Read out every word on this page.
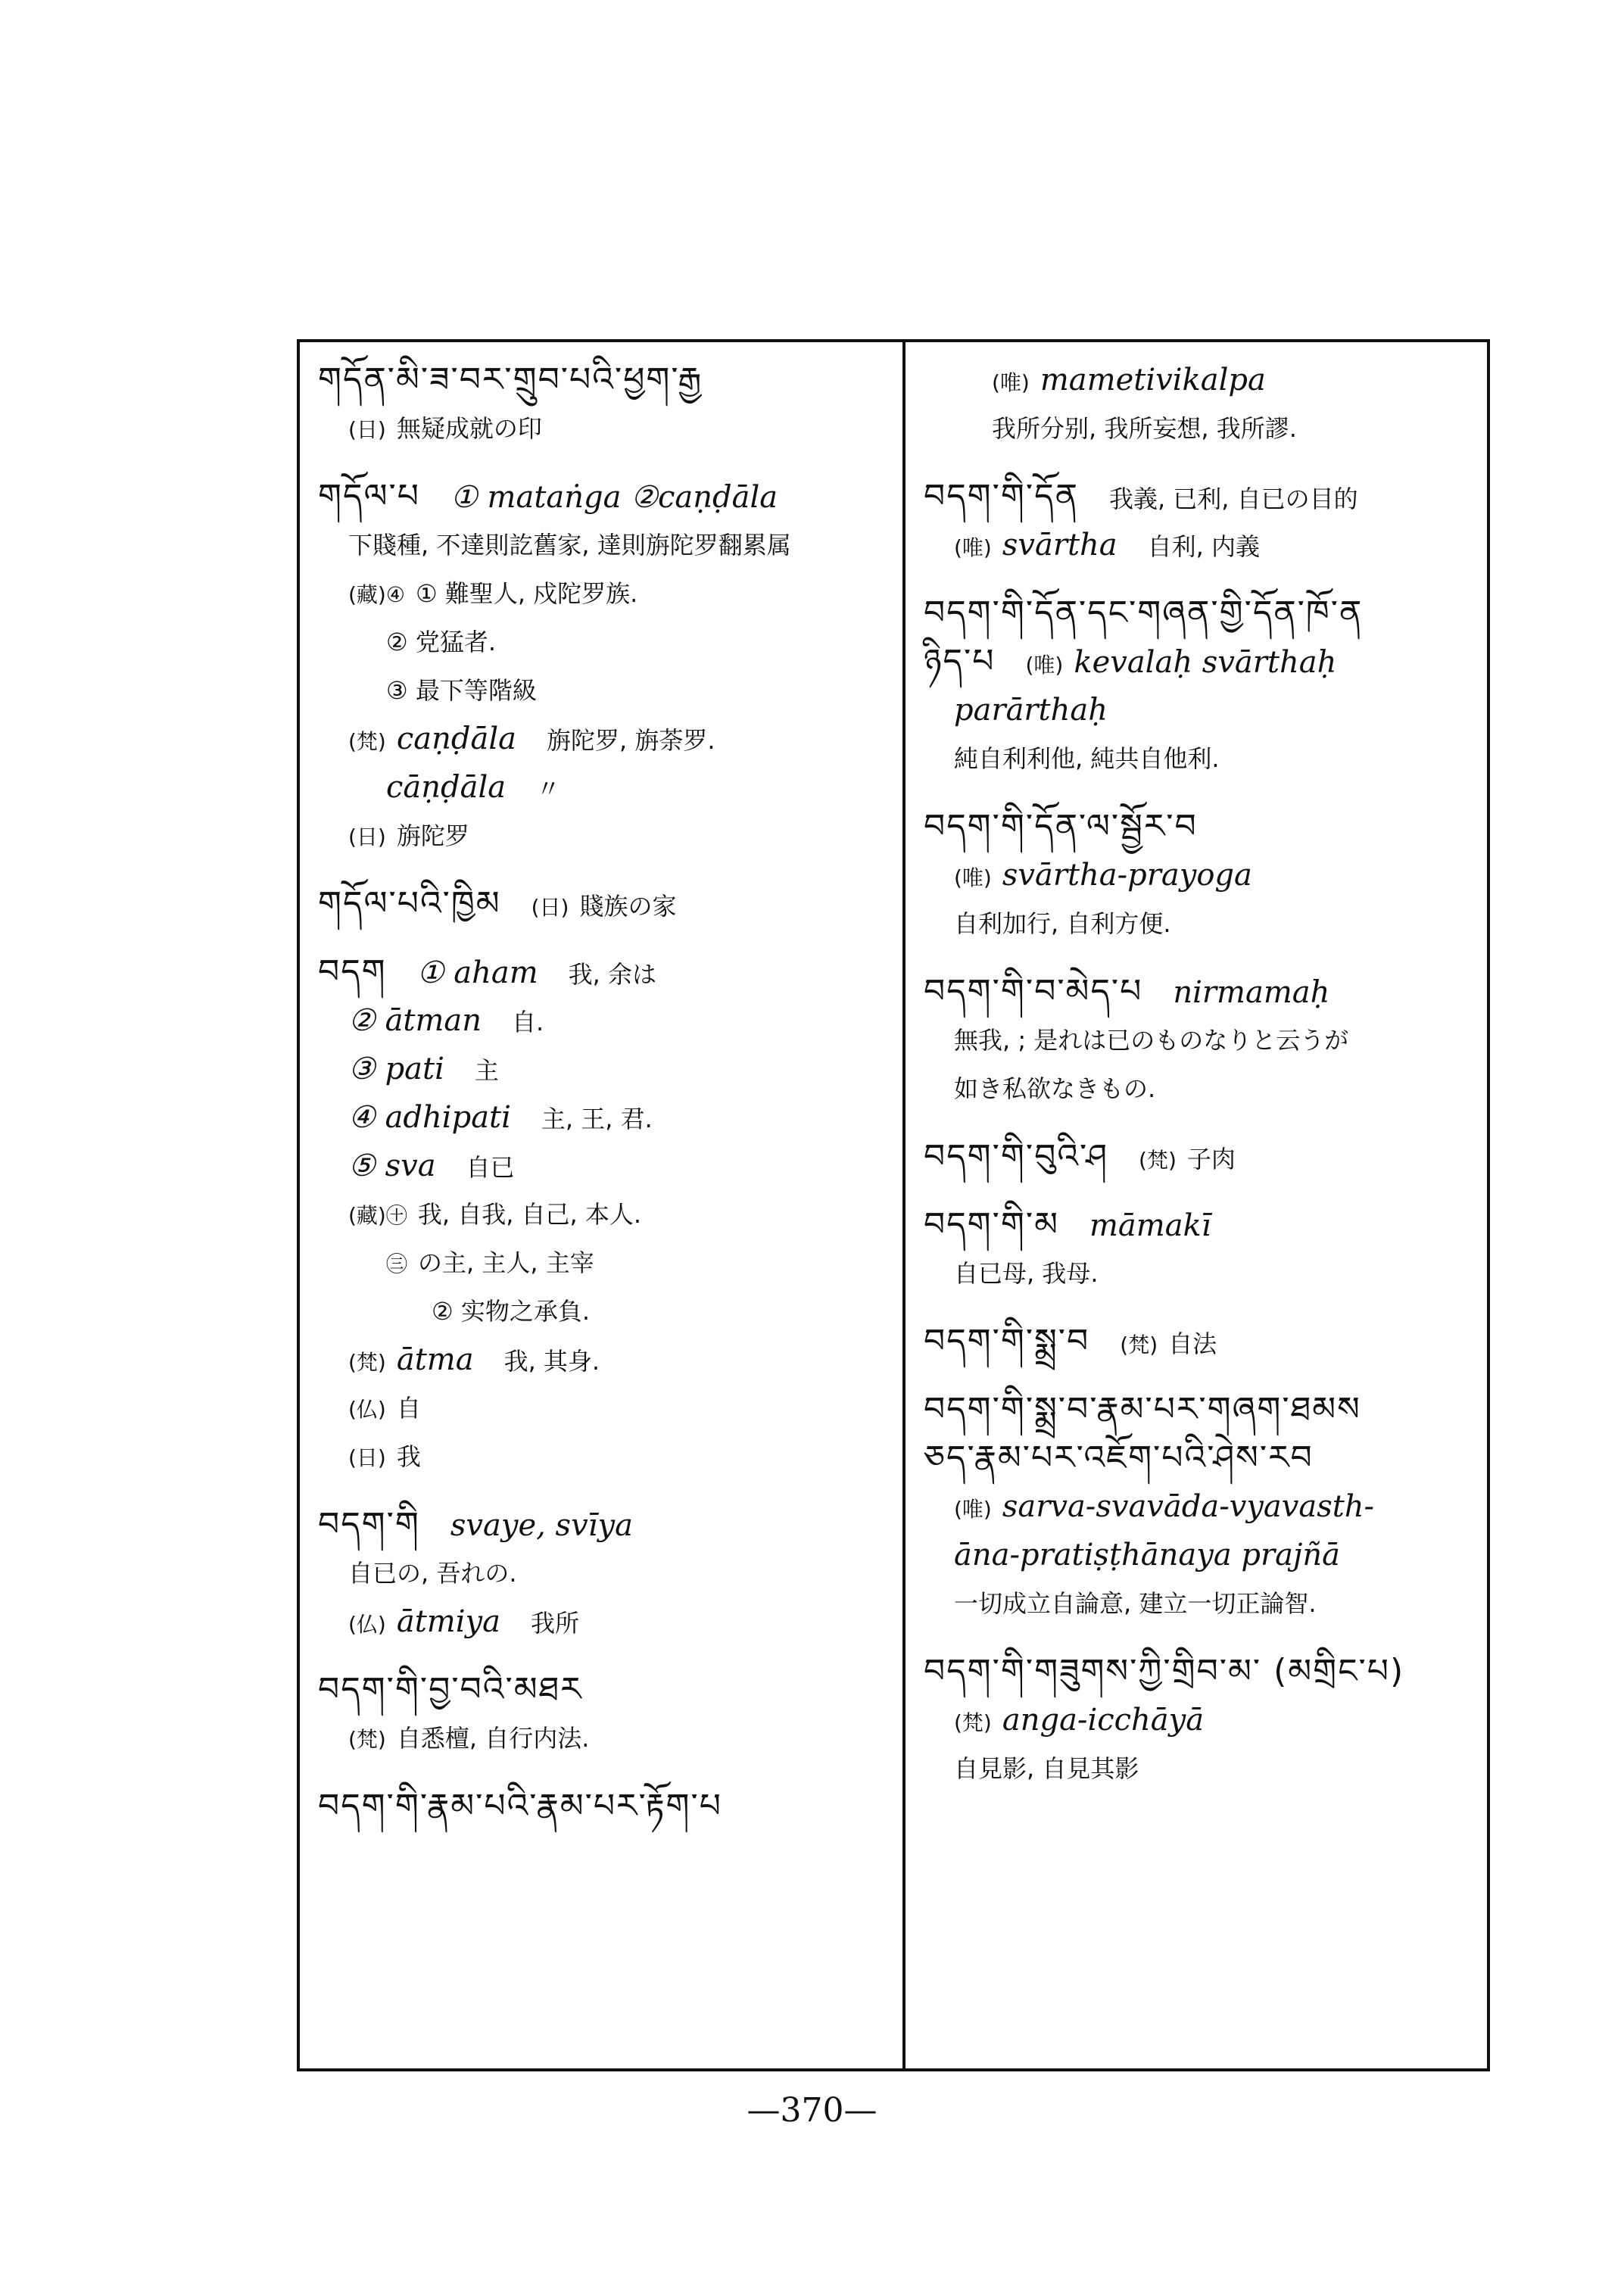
གདོན་མི་ཟ་བར་གྲུབ་པའི་ཕྱག་རྒྱ
(日) 無疑成就の印
གདོལ་པ ① mataṅga ②caṇḍāla
下賤種, 不達則訖舊家, 達則旃陀罗翻累属
(藏)④ ① 難聖人, 戍陀罗族.
② 党猛者.
③ 最下等階級
(梵) caṇḍāla 旃陀罗, 旃荼罗.
cāṇḍāla 〃
(日) 旃陀罗
གདོལ་པའི་ཁྱིམ (日) 賤族の家
བདག ① aham 我, 余は
② ātman 自.
③ pati 主
④ adhipati 主, 王, 君.
⑤ sva 自已
(藏)㊉ 我, 自我, 自己, 本人.
㊂ の主, 主人, 主宰
② 实物之承負.
(梵) ātma 我, 其身.
(仏) 自
(日) 我
བདག་གི svaye, svīya
自已の, 吾れの.
(仏) ātmiya 我所
བདག་གི་བྱ་བའི་མཐར
(梵) 自悉檀, 自行内法.
བདག་གི་རྣམ་པའི་རྣམ་པར་རྟོག་པ
(唯) mametivikalpa
我所分别, 我所妄想, 我所謬.
བདག་གི་དོན 我義, 已利, 自已の目的
(唯) svārtha 自利, 内義
བདག་གི་དོན་དང་གཞན་གྱི་དོན་ཁོ་ན
ཉིད་པ (唯) kevalaḥ svārthaḥ
parārthaḥ
純自利利他, 純共自他利.
བདག་གི་དོན་ལ་སྦྱོར་བ
(唯) svārtha-prayoga
自利加行, 自利方便.
བདག་གི་བ་མེད་པ nirmamaḥ
無我, ; 是れは已のものなりと云うが
如き私欲なきもの.
བདག་གི་བུའི་ཤ (梵) 子肉
བདག་གི་མ māmakī
自已母, 我母.
བདག་གི་སྨྲ་བ (梵) 自法
བདག་གི་སྨྲ་བ་རྣམ་པར་གཞག་ཐམས
ཅད་རྣམ་པར་འཇོག་པའི་ཤེས་རབ
(唯) sarva-svavāda-vyavasth-
āna-pratiṣṭhānaya prajñā
一切成立自論意, 建立一切正論智.
བདག་གི་གཟུགས་ཀྱི་གྲིབ་མ་ (མགྲིང་པ)
(梵) anga-icchāyā
自見影, 自見其影
—370—
